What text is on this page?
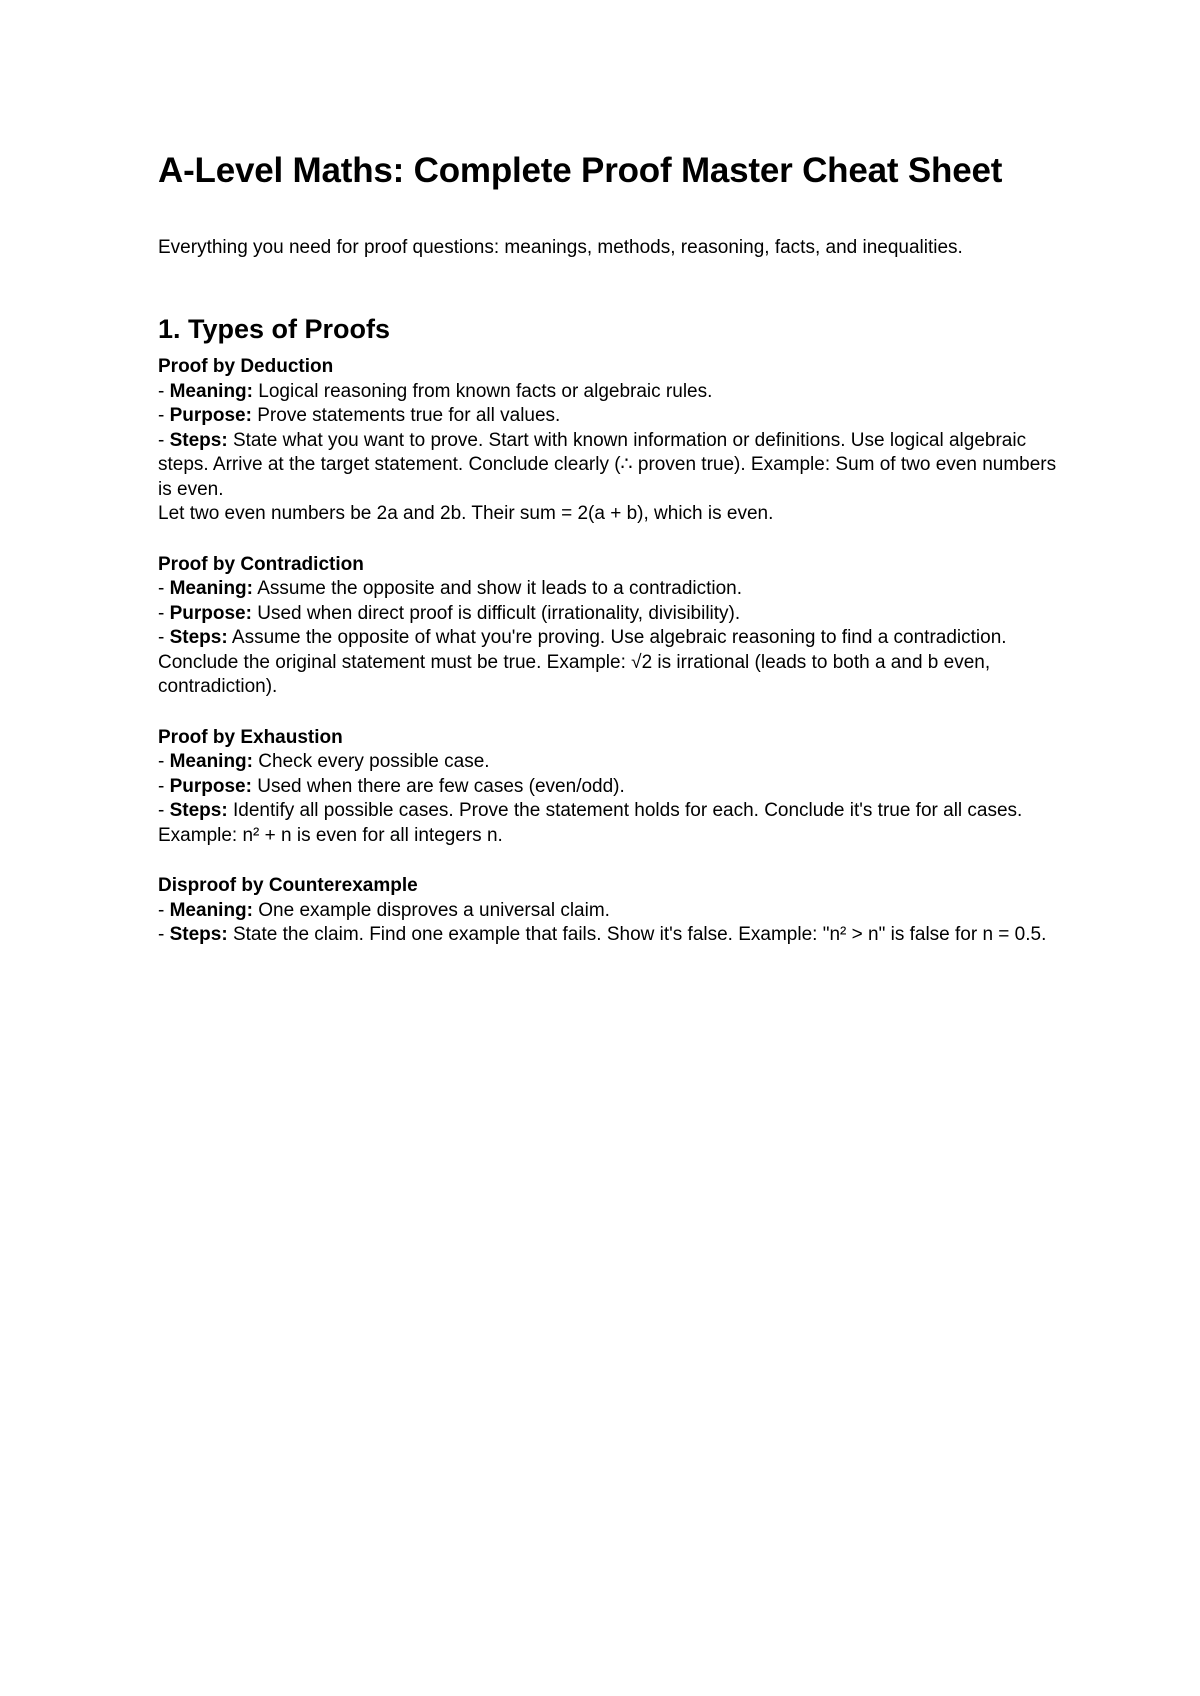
A-Level Maths: Complete Proof Master Cheat Sheet

Everything you need for proof questions: meanings, methods, reasoning, facts, and inequalities.

1. Types of Proofs
Proof by Deduction
- Meaning: Logical reasoning from known facts or algebraic rules.
- Purpose: Prove statements true for all values.
- Steps: State what you want to prove. Start with known information or definitions. Use logical algebraic steps. Arrive at the target statement. Conclude clearly (∴ proven true). Example: Sum of two even numbers is even.
Let two even numbers be 2a and 2b. Their sum = 2(a + b), which is even.
Proof by Contradiction
- Meaning: Assume the opposite and show it leads to a contradiction.
- Purpose: Used when direct proof is difficult (irrationality, divisibility).
- Steps: Assume the opposite of what you're proving. Use algebraic reasoning to find a contradiction. Conclude the original statement must be true. Example: √2 is irrational (leads to both a and b even, contradiction).
Proof by Exhaustion
- Meaning: Check every possible case.
- Purpose: Used when there are few cases (even/odd).
- Steps: Identify all possible cases. Prove the statement holds for each. Conclude it's true for all cases. Example: n² + n is even for all integers n.
Disproof by Counterexample
- Meaning: One example disproves a universal claim.
- Steps: State the claim. Find one example that fails. Show it's false. Example: "n² > n" is false for n = 0.5.
